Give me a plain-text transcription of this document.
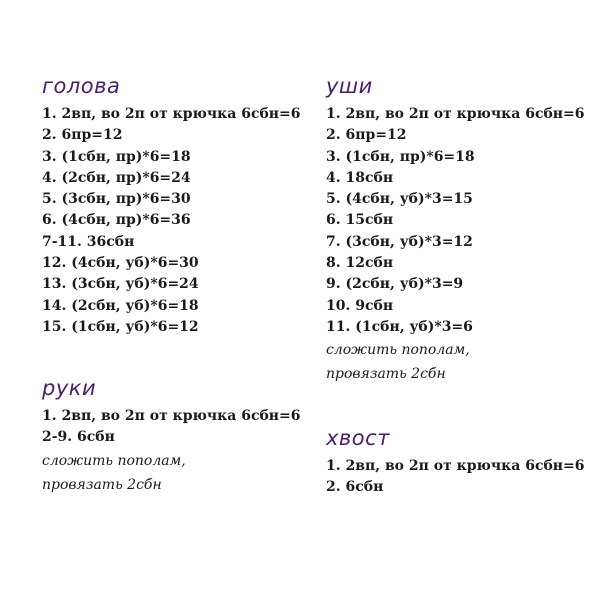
голова
1. 2вп, во 2п от крючка 6сбн=6
2. 6пр=12
3. (1сбн, пр)*6=18
4. (2сбн, пр)*6=24
5. (3сбн, пр)*6=30
6. (4сбн, пр)*6=36
7-11. 36сбн
12. (4сбн, уб)*6=30
13. (3сбн, уб)*6=24
14. (2сбн, уб)*6=18
15. (1сбн, уб)*6=12
руки
1. 2вп, во 2п от крючка 6сбн=6
2-9. 6сбн
сложить пополам,
провязать 2сбн
уши
1. 2вп, во 2п от крючка 6сбн=6
2. 6пр=12
3. (1сбн, пр)*6=18
4. 18сбн
5. (4сбн, уб)*3=15
6. 15сбн
7. (3сбн, уб)*3=12
8. 12сбн
9. (2сбн, уб)*3=9
10. 9сбн
11. (1сбн, уб)*3=6
сложить пополам,
провязать 2сбн
хвост
1. 2вп, во 2п от крючка 6сбн=6
2. 6сбн
